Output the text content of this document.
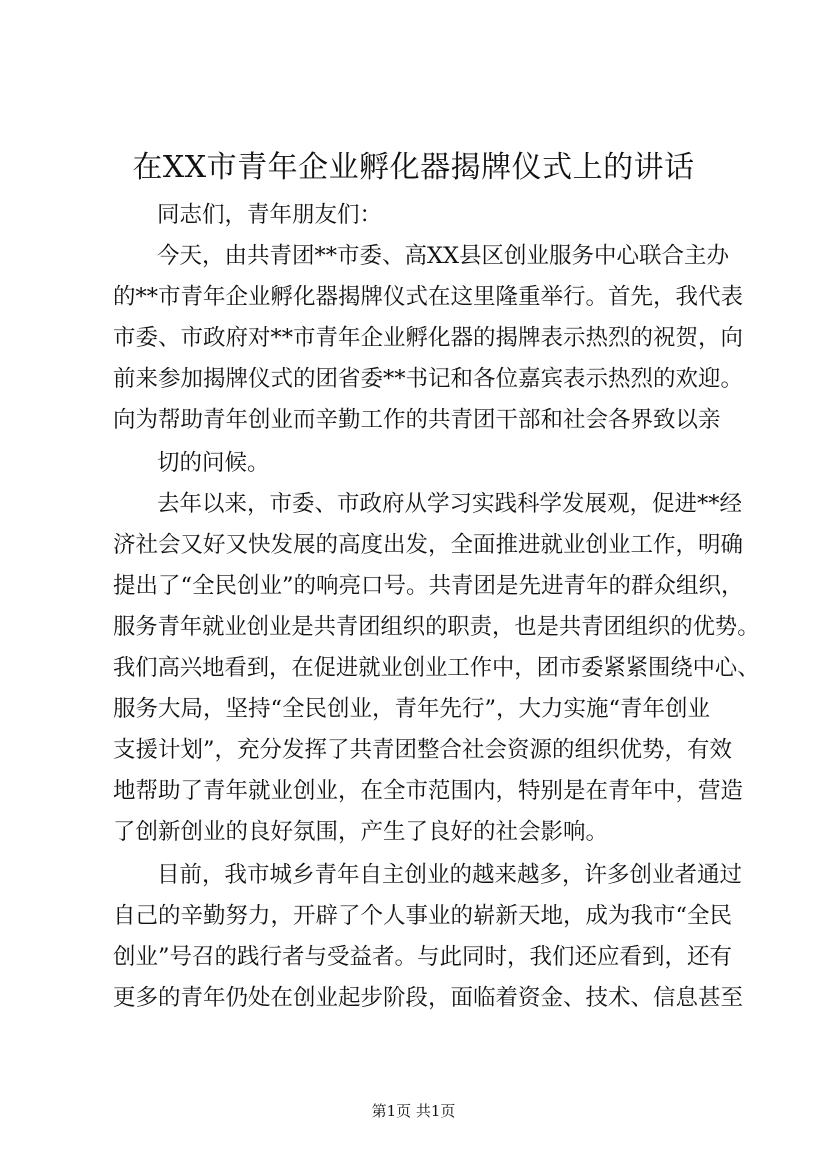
在XX市青年企业孵化器揭牌仪式上的讲话
同志们，青年朋友们：
今天，由共青团**市委、高XX县区创业服务中心联合主办
的**市青年企业孵化器揭牌仪式在这里隆重举行。首先，我代表
市委、市政府对**市青年企业孵化器的揭牌表示热烈的祝贺，向
前来参加揭牌仪式的团省委**书记和各位嘉宾表示热烈的欢迎。
向为帮助青年创业而辛勤工作的共青团干部和社会各界致以亲
切的问候。
去年以来，市委、市政府从学习实践科学发展观，促进**经
济社会又好又快发展的高度出发，全面推进就业创业工作，明确
提出了“全民创业”的响亮口号。共青团是先进青年的群众组织，
服务青年就业创业是共青团组织的职责，也是共青团组织的优势。
我们高兴地看到，在促进就业创业工作中，团市委紧紧围绕中心、
服务大局，坚持“全民创业，青年先行”，大力实施“青年创业
支援计划”，充分发挥了共青团整合社会资源的组织优势，有效
地帮助了青年就业创业，在全市范围内，特别是在青年中，营造
了创新创业的良好氛围，产生了良好的社会影响。
目前，我市城乡青年自主创业的越来越多，许多创业者通过
自己的辛勤努力，开辟了个人事业的崭新天地，成为我市“全民
创业”号召的践行者与受益者。与此同时，我们还应看到，还有
更多的青年仍处在创业起步阶段，面临着资金、技术、信息甚至
第1页 共1页
